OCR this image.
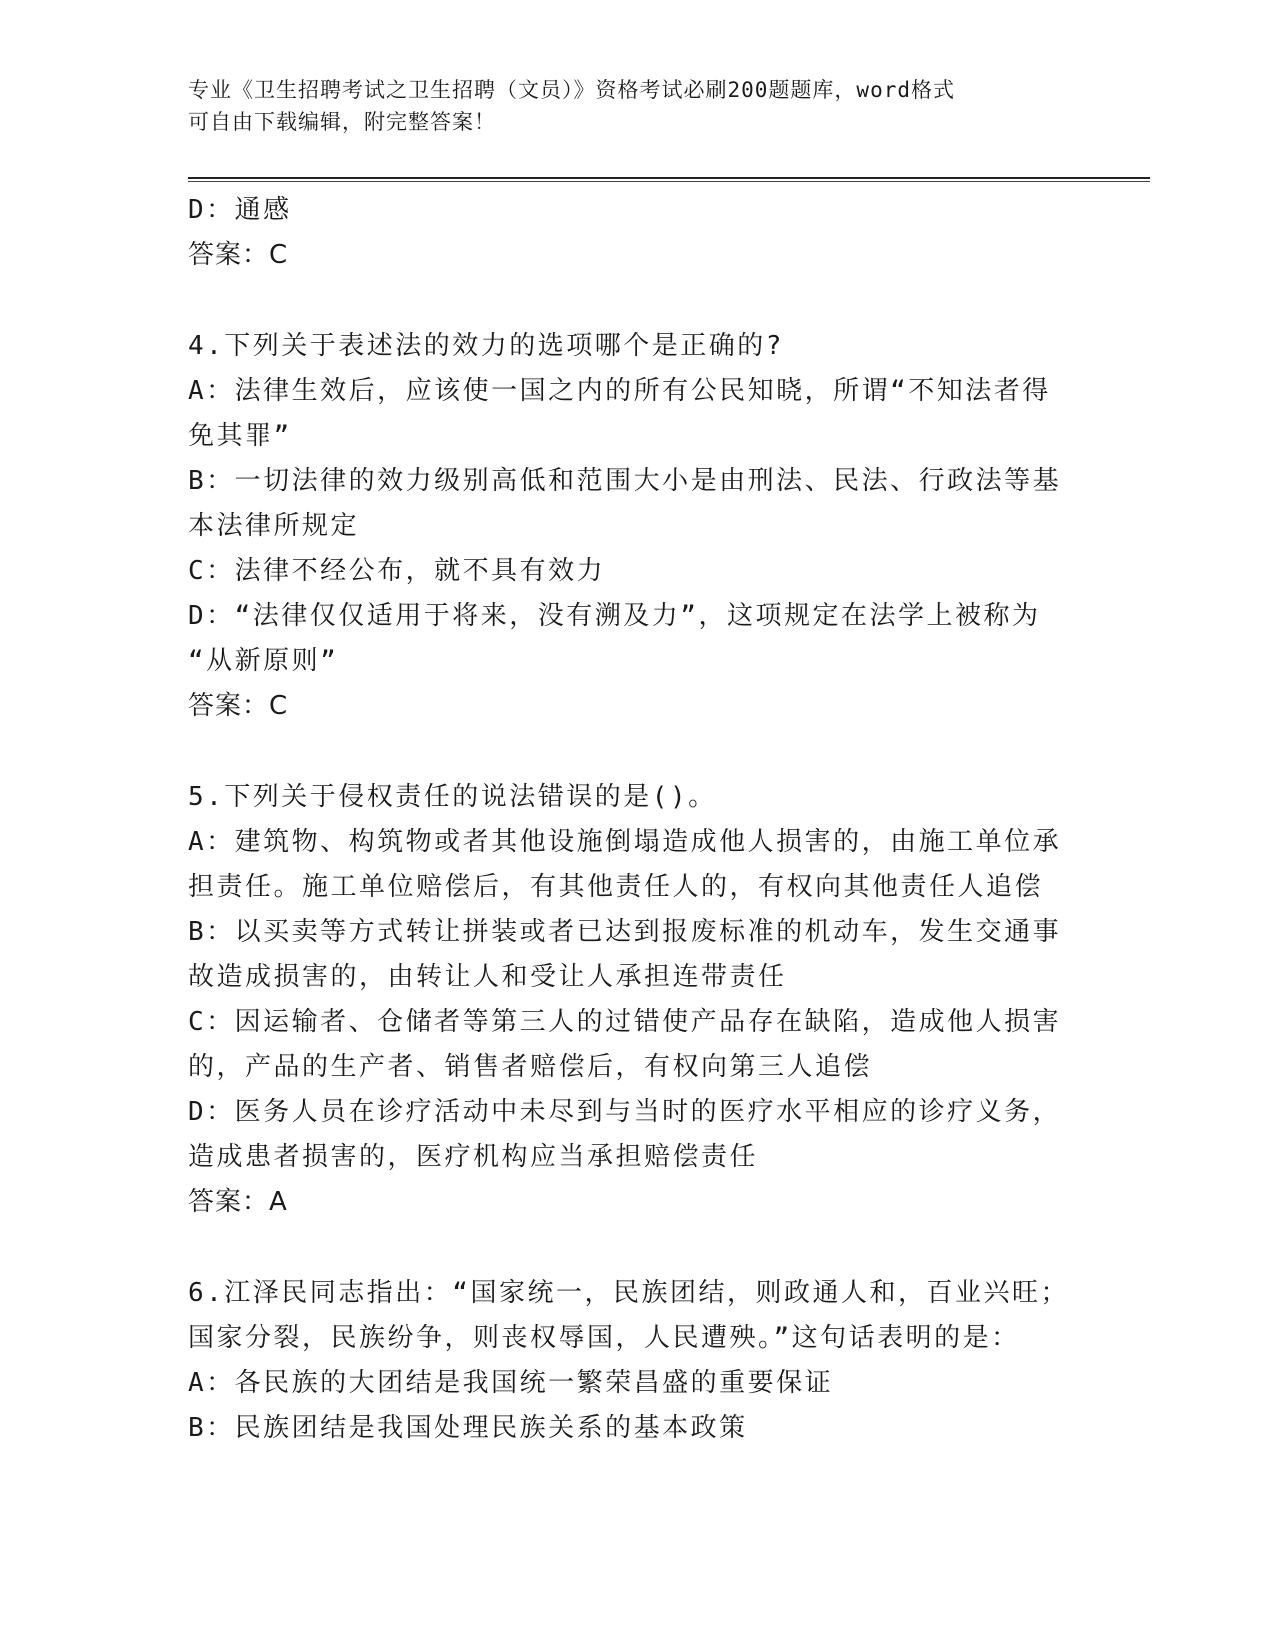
专业《卫生招聘考试之卫生招聘（文员）》资格考试必刷200题题库，word格式
可自由下载编辑，附完整答案！
D：通感
答案：C
4.下列关于表述法的效力的选项哪个是正确的?
A：法律生效后，应该使一国之内的所有公民知晓，所谓“不知法者得
免其罪”
B：一切法律的效力级别高低和范围大小是由刑法、民法、行政法等基
本法律所规定
C：法律不经公布，就不具有效力
D：“法律仅仅适用于将来，没有溯及力”，这项规定在法学上被称为
“从新原则”
答案：C
5.下列关于侵权责任的说法错误的是()。
A：建筑物、构筑物或者其他设施倒塌造成他人损害的，由施工单位承
担责任。施工单位赔偿后，有其他责任人的，有权向其他责任人追偿
B：以买卖等方式转让拼装或者已达到报废标准的机动车，发生交通事
故造成损害的，由转让人和受让人承担连带责任
C：因运输者、仓储者等第三人的过错使产品存在缺陷，造成他人损害
的，产品的生产者、销售者赔偿后，有权向第三人追偿
D：医务人员在诊疗活动中未尽到与当时的医疗水平相应的诊疗义务，
造成患者损害的，医疗机构应当承担赔偿责任
答案：A
6.江泽民同志指出：“国家统一，民族团结，则政通人和，百业兴旺；
国家分裂，民族纷争，则丧权辱国，人民遭殃。”这句话表明的是：
A：各民族的大团结是我国统一繁荣昌盛的重要保证
B：民族团结是我国处理民族关系的基本政策
